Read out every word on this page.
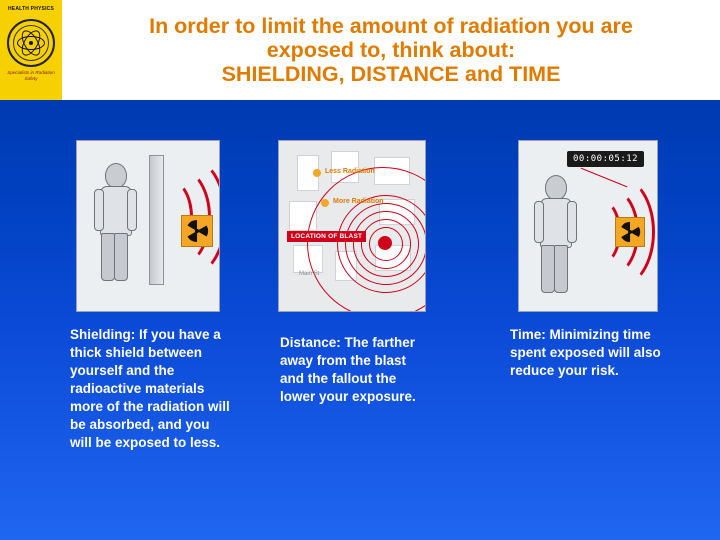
HEALTH PHYSICS
Specialists in Radiation Safety
In order to limit the amount of radiation you are
exposed to, think about:
SHIELDING, DISTANCE and TIME
Shielding: If you have a thick shield between yourself and the radioactive materials more of the radiation will be absorbed, and you will be exposed to less.
Less Radiation
More Radiation
LOCATION OF BLAST
Main St
Distance: The farther away from the blast and the fallout the lower your exposure.
00:00:05:12
Time: Minimizing time spent exposed will also reduce your risk.
